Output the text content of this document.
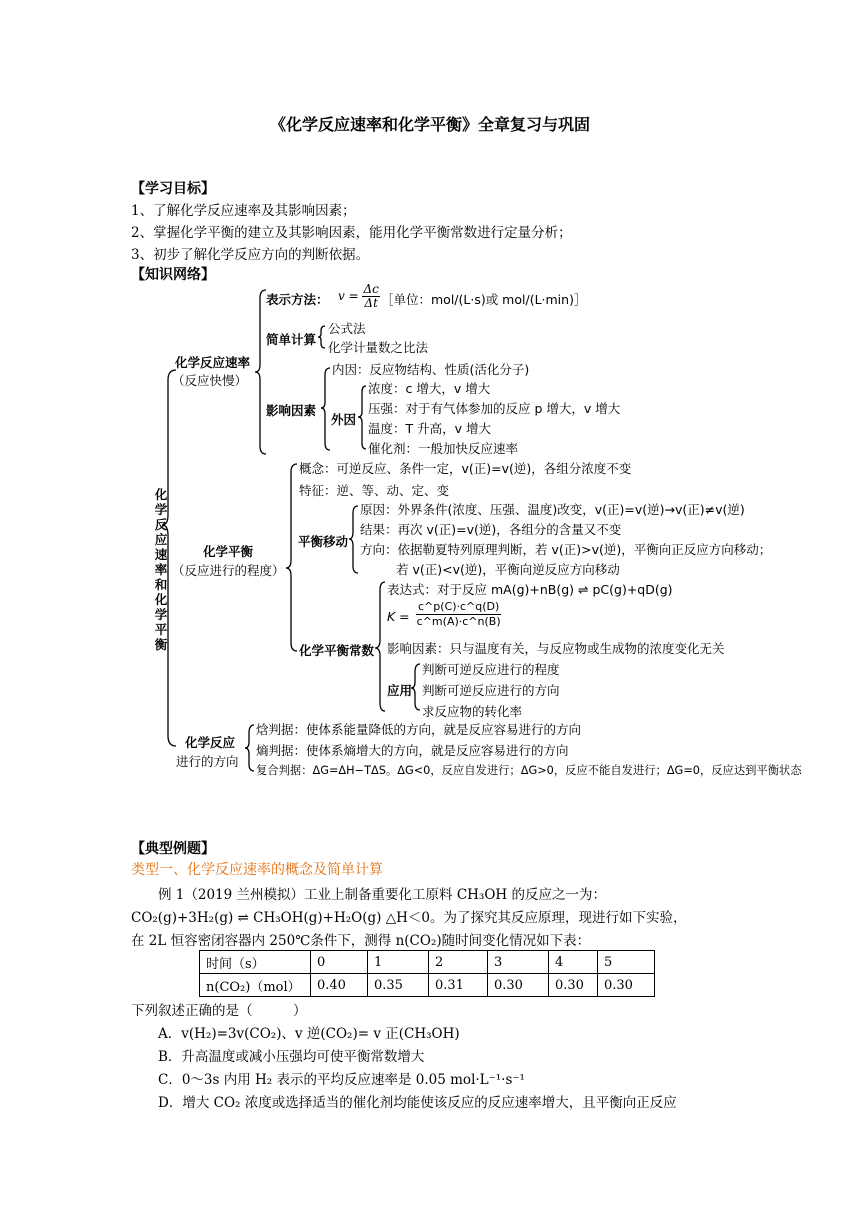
《化学反应速率和化学平衡》全章复习与巩固
【学习目标】
1、了解化学反应速率及其影响因素；
2、掌握化学平衡的建立及其影响因素，能用化学平衡常数进行定量分析；
3、初步了解化学反应方向的判断依据。
【知识网络】
化学反应速率和化学平衡
化学反应速率
（反应快慢）
表示方法： $v = \frac{\Delta c}{\Delta t}$ ［单位：mol/(L·s)或 mol/(L·min)］
简单计算
公式法
化学计量数之比法
影响因素
内因：反应物结构、性质(活化分子)
外因
浓度：c 增大，v 增大
压强：对于有气体参加的反应 p 增大，v 增大
温度：T 升高，v 增大
催化剂：一般加快反应速率
化学平衡
（反应进行的程度）
概念：可逆反应、条件一定，v(正)=v(逆)，各组分浓度不变
特征：逆、等、动、定、变
平衡移动
原因：外界条件(浓度、压强、温度)改变，v(正)=v(逆)→v(正)≠v(逆)
结果：再次 v(正)=v(逆)，各组分的含量又不变
方向：依据勒夏特列原理判断，若 v(正)>v(逆)，平衡向正反应方向移动；
若 v(正)<v(逆)，平衡向逆反应方向移动
化学平衡常数
表达式：对于反应 mA(g)+nB(g) ⇌ pC(g)+qD(g)
$K = \frac{c\^{}p(C)\cdot c\^{}q(D)}{c\^{}m(A)\cdot c\^{}n(B)}$
影响因素：只与温度有关，与反应物或生成物的浓度变化无关
应用
判断可逆反应进行的程度
判断可逆反应进行的方向
求反应物的转化率
化学反应
进行的方向
焓判据：使体系能量降低的方向，就是反应容易进行的方向
熵判据：使体系熵增大的方向，就是反应容易进行的方向
复合判据：ΔG=ΔH−TΔS。ΔG<0，反应自发进行；ΔG>0，反应不能自发进行；ΔG=0，反应达到平衡状态
【典型例题】
类型一、化学反应速率的概念及简单计算
例 1（2019 兰州模拟）工业上制备重要化工原料 CH₃OH 的反应之一为：
CO₂(g)+3H₂(g) ⇌ CH₃OH(g)+H₂O(g) △H＜0。为了探究其反应原理，现进行如下实验，
在 2L 恒容密闭容器内 250℃条件下，测得 n(CO₂)随时间变化情况如下表：
时间（s）	0	1	2	3	4	5
n(CO₂)（mol）	0.40	0.35	0.31	0.30	0.30	0.30
下列叙述正确的是（　　　）
A．v(H₂)=3v(CO₂)、v 逆(CO₂)= v 正(CH₃OH)
B．升高温度或减小压强均可使平衡常数增大
C．0～3s 内用 H₂ 表示的平均反应速率是 0.05 mol·L⁻¹·s⁻¹
D．增大 CO₂ 浓度或选择适当的催化剂均能使该反应的反应速率增大，且平衡向正反应
